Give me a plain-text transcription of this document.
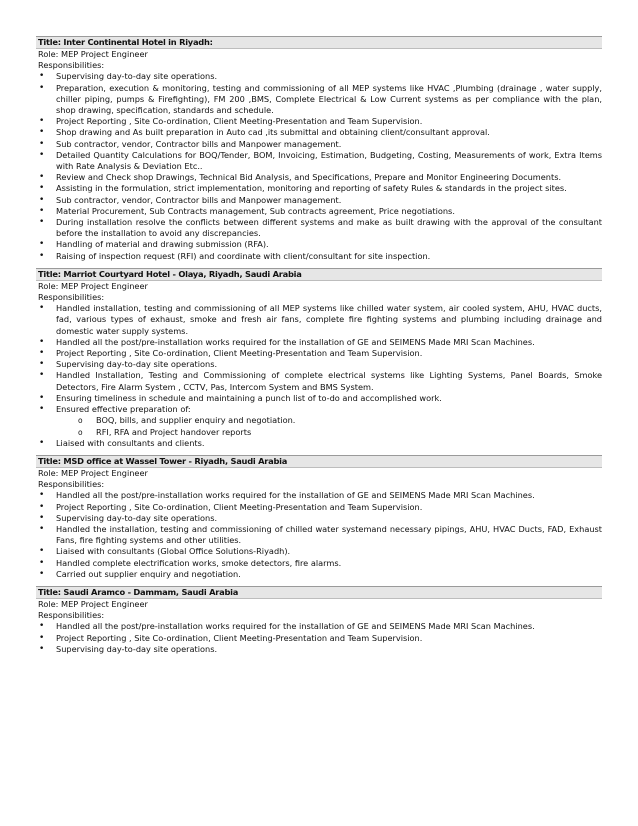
Title: Inter Continental Hotel in Riyadh:
Role: MEP Project Engineer
Responsibilities:
• Supervising day-to-day site operations.
• Preparation, execution & monitoring, testing and commissioning of all MEP systems like HVAC ,Plumbing (drainage , water supply, chiller piping, pumps & Firefighting), FM 200 ,BMS, Complete Electrical & Low Current systems as per compliance with the plan, shop drawing, specification, standards and schedule.
• Project Reporting , Site Co-ordination, Client Meeting-Presentation and Team Supervision.
• Shop drawing and As built preparation in Auto cad ,its submittal and obtaining client/consultant approval.
• Sub contractor, vendor, Contractor bills and Manpower management.
• Detailed Quantity Calculations for BOQ/Tender, BOM, Invoicing, Estimation, Budgeting, Costing, Measurements of work, Extra Items with Rate Analysis & Deviation Etc..
• Review and Check shop Drawings, Technical Bid Analysis, and Specifications, Prepare and Monitor Engineering Documents.
• Assisting in the formulation, strict implementation, monitoring and reporting of safety Rules & standards in the project sites.
• Sub contractor, vendor, Contractor bills and Manpower management.
• Material Procurement, Sub Contracts management, Sub contracts agreement, Price negotiations.
• During installation resolve the conflicts between different systems and make as built drawing with the approval of the consultant before the installation to avoid any discrepancies.
• Handling of material and drawing submission (RFA).
• Raising of inspection request (RFI) and coordinate with client/consultant for site inspection.
Title: Marriot Courtyard Hotel - Olaya, Riyadh, Saudi Arabia
Role: MEP Project Engineer
Responsibilities:
• Handled installation, testing and commissioning of all MEP systems like chilled water system, air cooled system, AHU, HVAC ducts, fad, various types of exhaust, smoke and fresh air fans, complete fire fighting systems and plumbing including drainage and domestic water supply systems.
• Handled all the post/pre-installation works required for the installation of GE and SEIMENS Made MRI Scan Machines.
• Project Reporting , Site Co-ordination, Client Meeting-Presentation and Team Supervision.
• Supervising day-to-day site operations.
• Handled Installation, Testing and Commissioning of complete electrical systems like Lighting Systems, Panel Boards, Smoke Detectors, Fire Alarm System , CCTV, Pas, Intercom System and BMS System.
• Ensuring timeliness in schedule and maintaining a punch list of to-do and accomplished work.
• Ensured effective preparation of:
o BOQ, bills, and supplier enquiry and negotiation.
o RFI, RFA and Project handover reports
• Liaised with consultants and clients.
Title: MSD office at Wassel Tower - Riyadh, Saudi Arabia
Role: MEP Project Engineer
Responsibilities:
• Handled all the post/pre-installation works required for the installation of GE and SEIMENS Made MRI Scan Machines.
• Project Reporting , Site Co-ordination, Client Meeting-Presentation and Team Supervision.
• Supervising day-to-day site operations.
• Handled the installation, testing and commissioning of chilled water systemand necessary pipings, AHU, HVAC Ducts, FAD, Exhaust Fans, fire fighting systems and other utilities.
• Liaised with consultants (Global Office Solutions-Riyadh).
• Handled complete electrification works, smoke detectors, fire alarms.
• Carried out supplier enquiry and negotiation.
Title: Saudi Aramco - Dammam, Saudi Arabia
Role: MEP Project Engineer
Responsibilities:
• Handled all the post/pre-installation works required for the installation of GE and SEIMENS Made MRI Scan Machines.
• Project Reporting , Site Co-ordination, Client Meeting-Presentation and Team Supervision.
• Supervising day-to-day site operations.
